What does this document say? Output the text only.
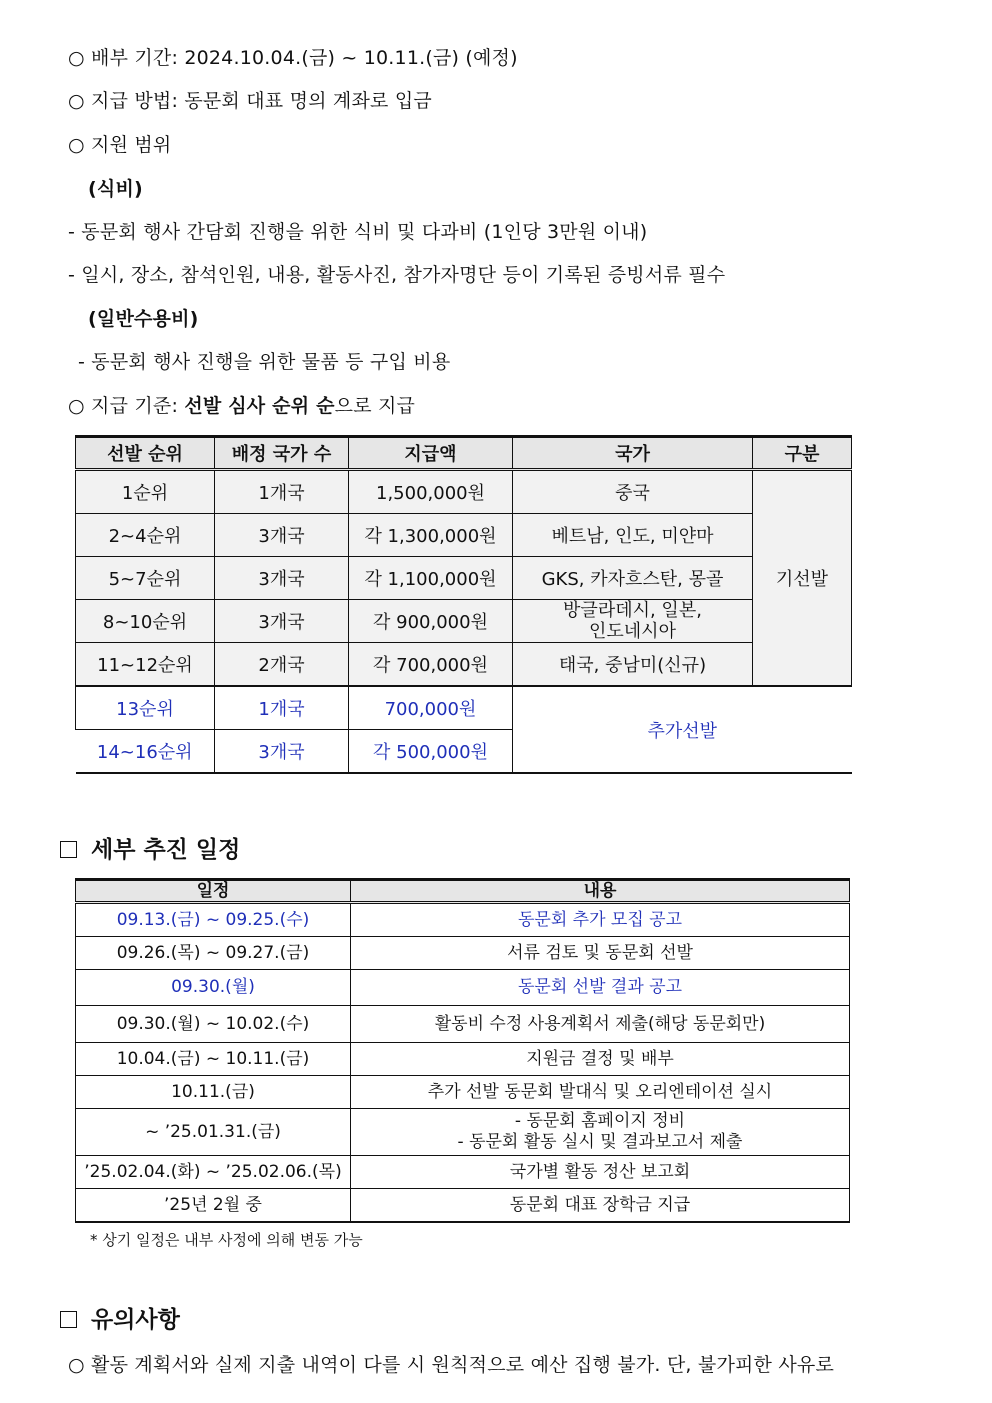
○ 배부 기간: 2024.10.04.(금) ~ 10.11.(금) (예정)
○ 지급 방법: 동문회 대표 명의 계좌로 입금
○ 지원 범위
(식비)
- 동문회 행사 간담회 진행을 위한 식비 및 다과비 (1인당 3만원 이내)
- 일시, 장소, 참석인원, 내용, 활동사진, 참가자명단 등이 기록된 증빙서류 필수
(일반수용비)
- 동문회 행사 진행을 위한 물품 등 구입 비용
○ 지급 기준: 선발 심사 순위 순으로 지급
선발 순위	배정 국가 수	지급액	국가	구분
1순위	1개국	1,500,000원	중국	기선발
2~4순위	3개국	각 1,300,000원	베트남, 인도, 미얀마	
5~7순위	3개국	각 1,100,000원	GKS, 카자흐스탄, 몽골	
8~10순위	3개국	각 900,000원	방글라데시, 일본,
인도네시아	

11~12순위	2개국	각 700,000원	태국, 중남미(신규)	
13순위	1개국	700,000원	추가선발	
14~16순위	3개국	각 500,000원		
세부 추진 일정
일정	내용
09.13.(금) ~ 09.25.(수)	동문회 추가 모집 공고
09.26.(목) ~ 09.27.(금)	서류 검토 및 동문회 선발
09.30.(월)	동문회 선발 결과 공고
09.30.(월) ~ 10.02.(수)	활동비 수정 사용계획서 제출(해당 동문회만)
10.04.(금) ~ 10.11.(금)	지원금 결정 및 배부
10.11.(금)	추가 선발 동문회 발대식 및 오리엔테이션 실시
~ ’25.01.31.(금)	- 동문회 홈페이지 정비
- 동문회 활동 실시 및 결과보고서 제출

’25.02.04.(화) ~ ’25.02.06.(목)	국가별 활동 정산 보고회
’25년 2월 중	동문회 대표 장학금 지급
* 상기 일정은 내부 사정에 의해 변동 가능
유의사항
○ 활동 계획서와 실제 지출 내역이 다를 시 원칙적으로 예산 집행 불가. 단, 불가피한 사유로
